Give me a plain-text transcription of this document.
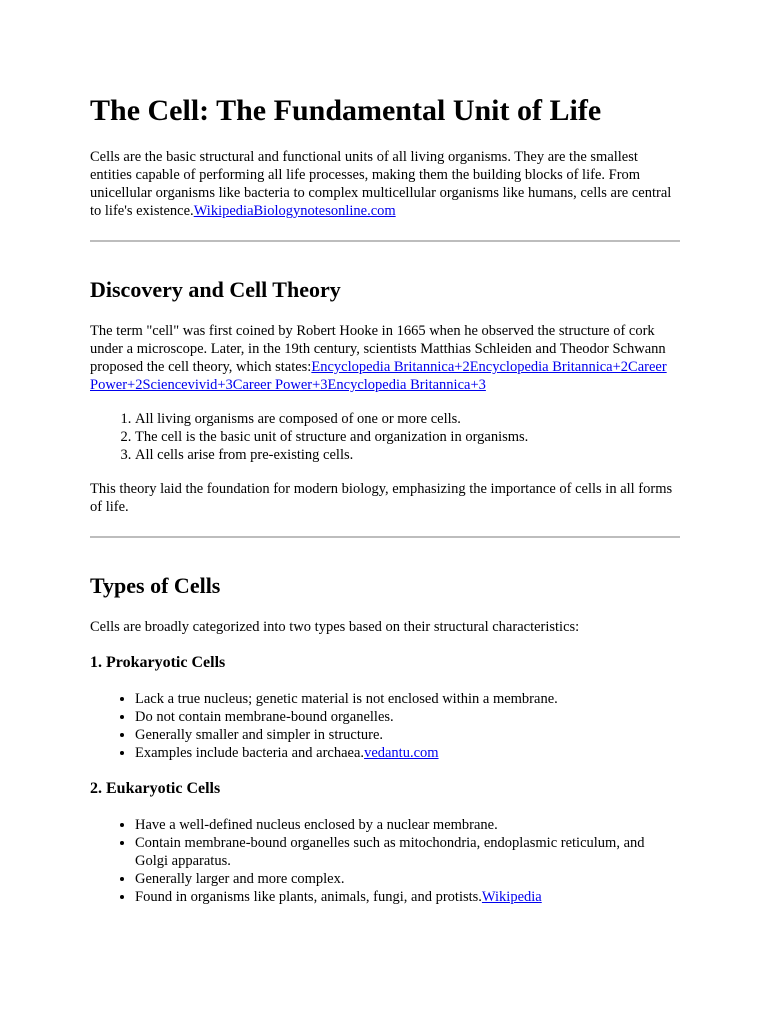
The Cell: The Fundamental Unit of Life

Cells are the basic structural and functional units of all living organisms. They are the smallest entities capable of performing all life processes, making them the building blocks of life. From unicellular organisms like bacteria to complex multicellular organisms like humans, cells are central to life's existence.WikipediaBiologynotesonline.com

Discovery and Cell Theory

The term "cell" was first coined by Robert Hooke in 1665 when he observed the structure of cork under a microscope. Later, in the 19th century, scientists Matthias Schleiden and Theodor Schwann proposed the cell theory, which states:Encyclopedia Britannica+2Encyclopedia Britannica+2Career Power+2Sciencevivid+3Career Power+3Encyclopedia Britannica+3

1. All living organisms are composed of one or more cells.
2. The cell is the basic unit of structure and organization in organisms.
3. All cells arise from pre-existing cells.

This theory laid the foundation for modern biology, emphasizing the importance of cells in all forms of life.

Types of Cells

Cells are broadly categorized into two types based on their structural characteristics:

1. Prokaryotic Cells
• Lack a true nucleus; genetic material is not enclosed within a membrane.
• Do not contain membrane-bound organelles.
• Generally smaller and simpler in structure.
• Examples include bacteria and archaea.vedantu.com
2. Eukaryotic Cells
• Have a well-defined nucleus enclosed by a nuclear membrane.
• Contain membrane-bound organelles such as mitochondria, endoplasmic reticulum, and Golgi apparatus.
• Generally larger and more complex.
• Found in organisms like plants, animals, fungi, and protists.Wikipedia
